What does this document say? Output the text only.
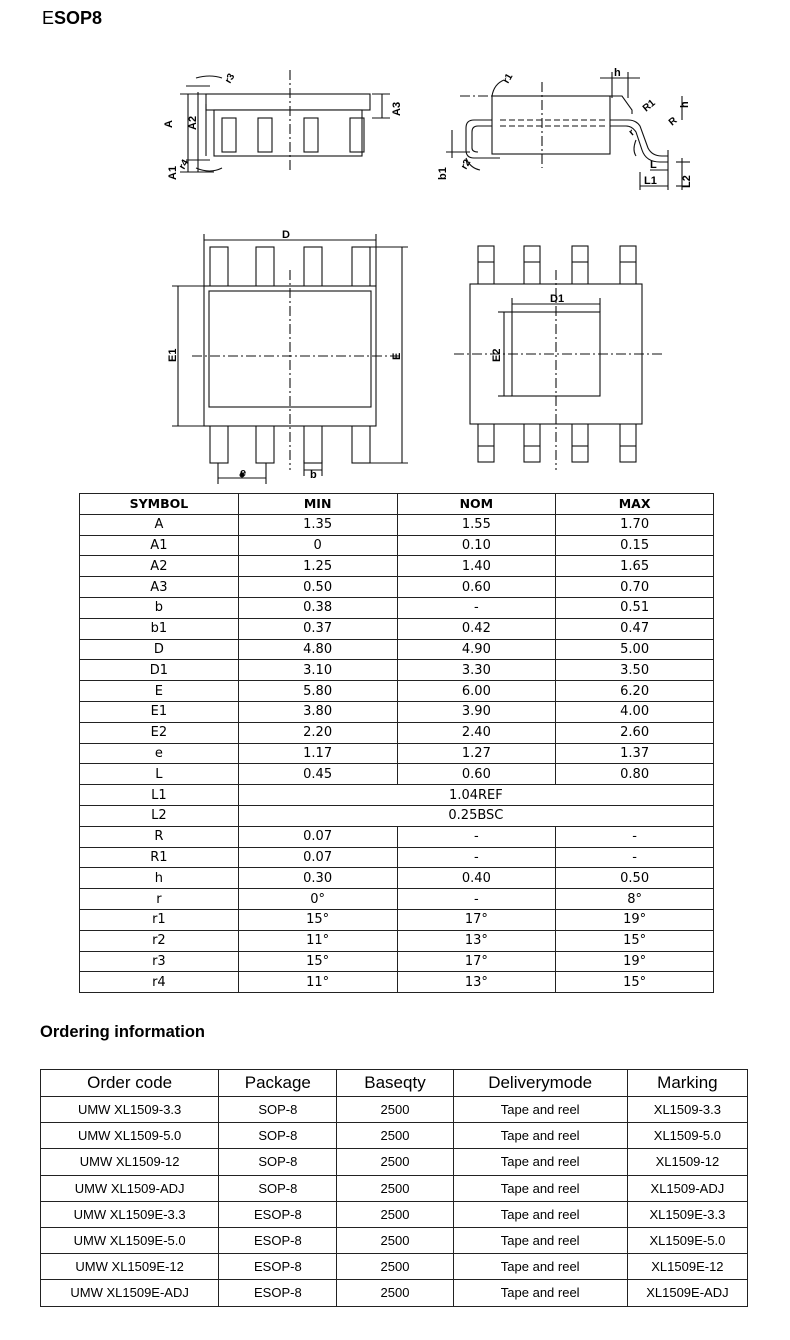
ESOP8
A A2
A1
A3
r3
r4
r1
r2
b1
h
h
R1
R
r
L
L1 L2
D
E1	E
e	b
D1
E2
SYMBOL	MIN	NOM	MAX
A	1.35	1.55	1.70
A1	0	0.10	0.15
A2	1.25	1.40	1.65
A3	0.50	0.60	0.70
b	0.38	-	0.51
b1	0.37	0.42	0.47
D	4.80	4.90	5.00
D1	3.10	3.30	3.50
E	5.80	6.00	6.20
E1	3.80	3.90	4.00
E2	2.20	2.40	2.60
e	1.17	1.27	1.37
L	0.45	0.60	0.80
L1	1.04REF		
L2	0.25BSC		
R	0.07	-	-
R1	0.07	-	-
h	0.30	0.40	0.50
r	0°	-	8°
r1	15°	17°	19°
r2	11°	13°	15°
r3	15°	17°	19°
r4	11°	13°	15°
Ordering information
Order code	Package	Baseqty	Deliverymode	Marking
UMW XL1509-3.3	SOP-8	2500	Tape and reel	XL1509-3.3
UMW XL1509-5.0	SOP-8	2500	Tape and reel	XL1509-5.0
UMW XL1509-12	SOP-8	2500	Tape and reel	XL1509-12
UMW XL1509-ADJ	SOP-8	2500	Tape and reel	XL1509-ADJ
UMW XL1509E-3.3	ESOP-8	2500	Tape and reel	XL1509E-3.3
UMW XL1509E-5.0	ESOP-8	2500	Tape and reel	XL1509E-5.0
UMW XL1509E-12	ESOP-8	2500	Tape and reel	XL1509E-12
UMW XL1509E-ADJ	ESOP-8	2500	Tape and reel	XL1509E-ADJ
